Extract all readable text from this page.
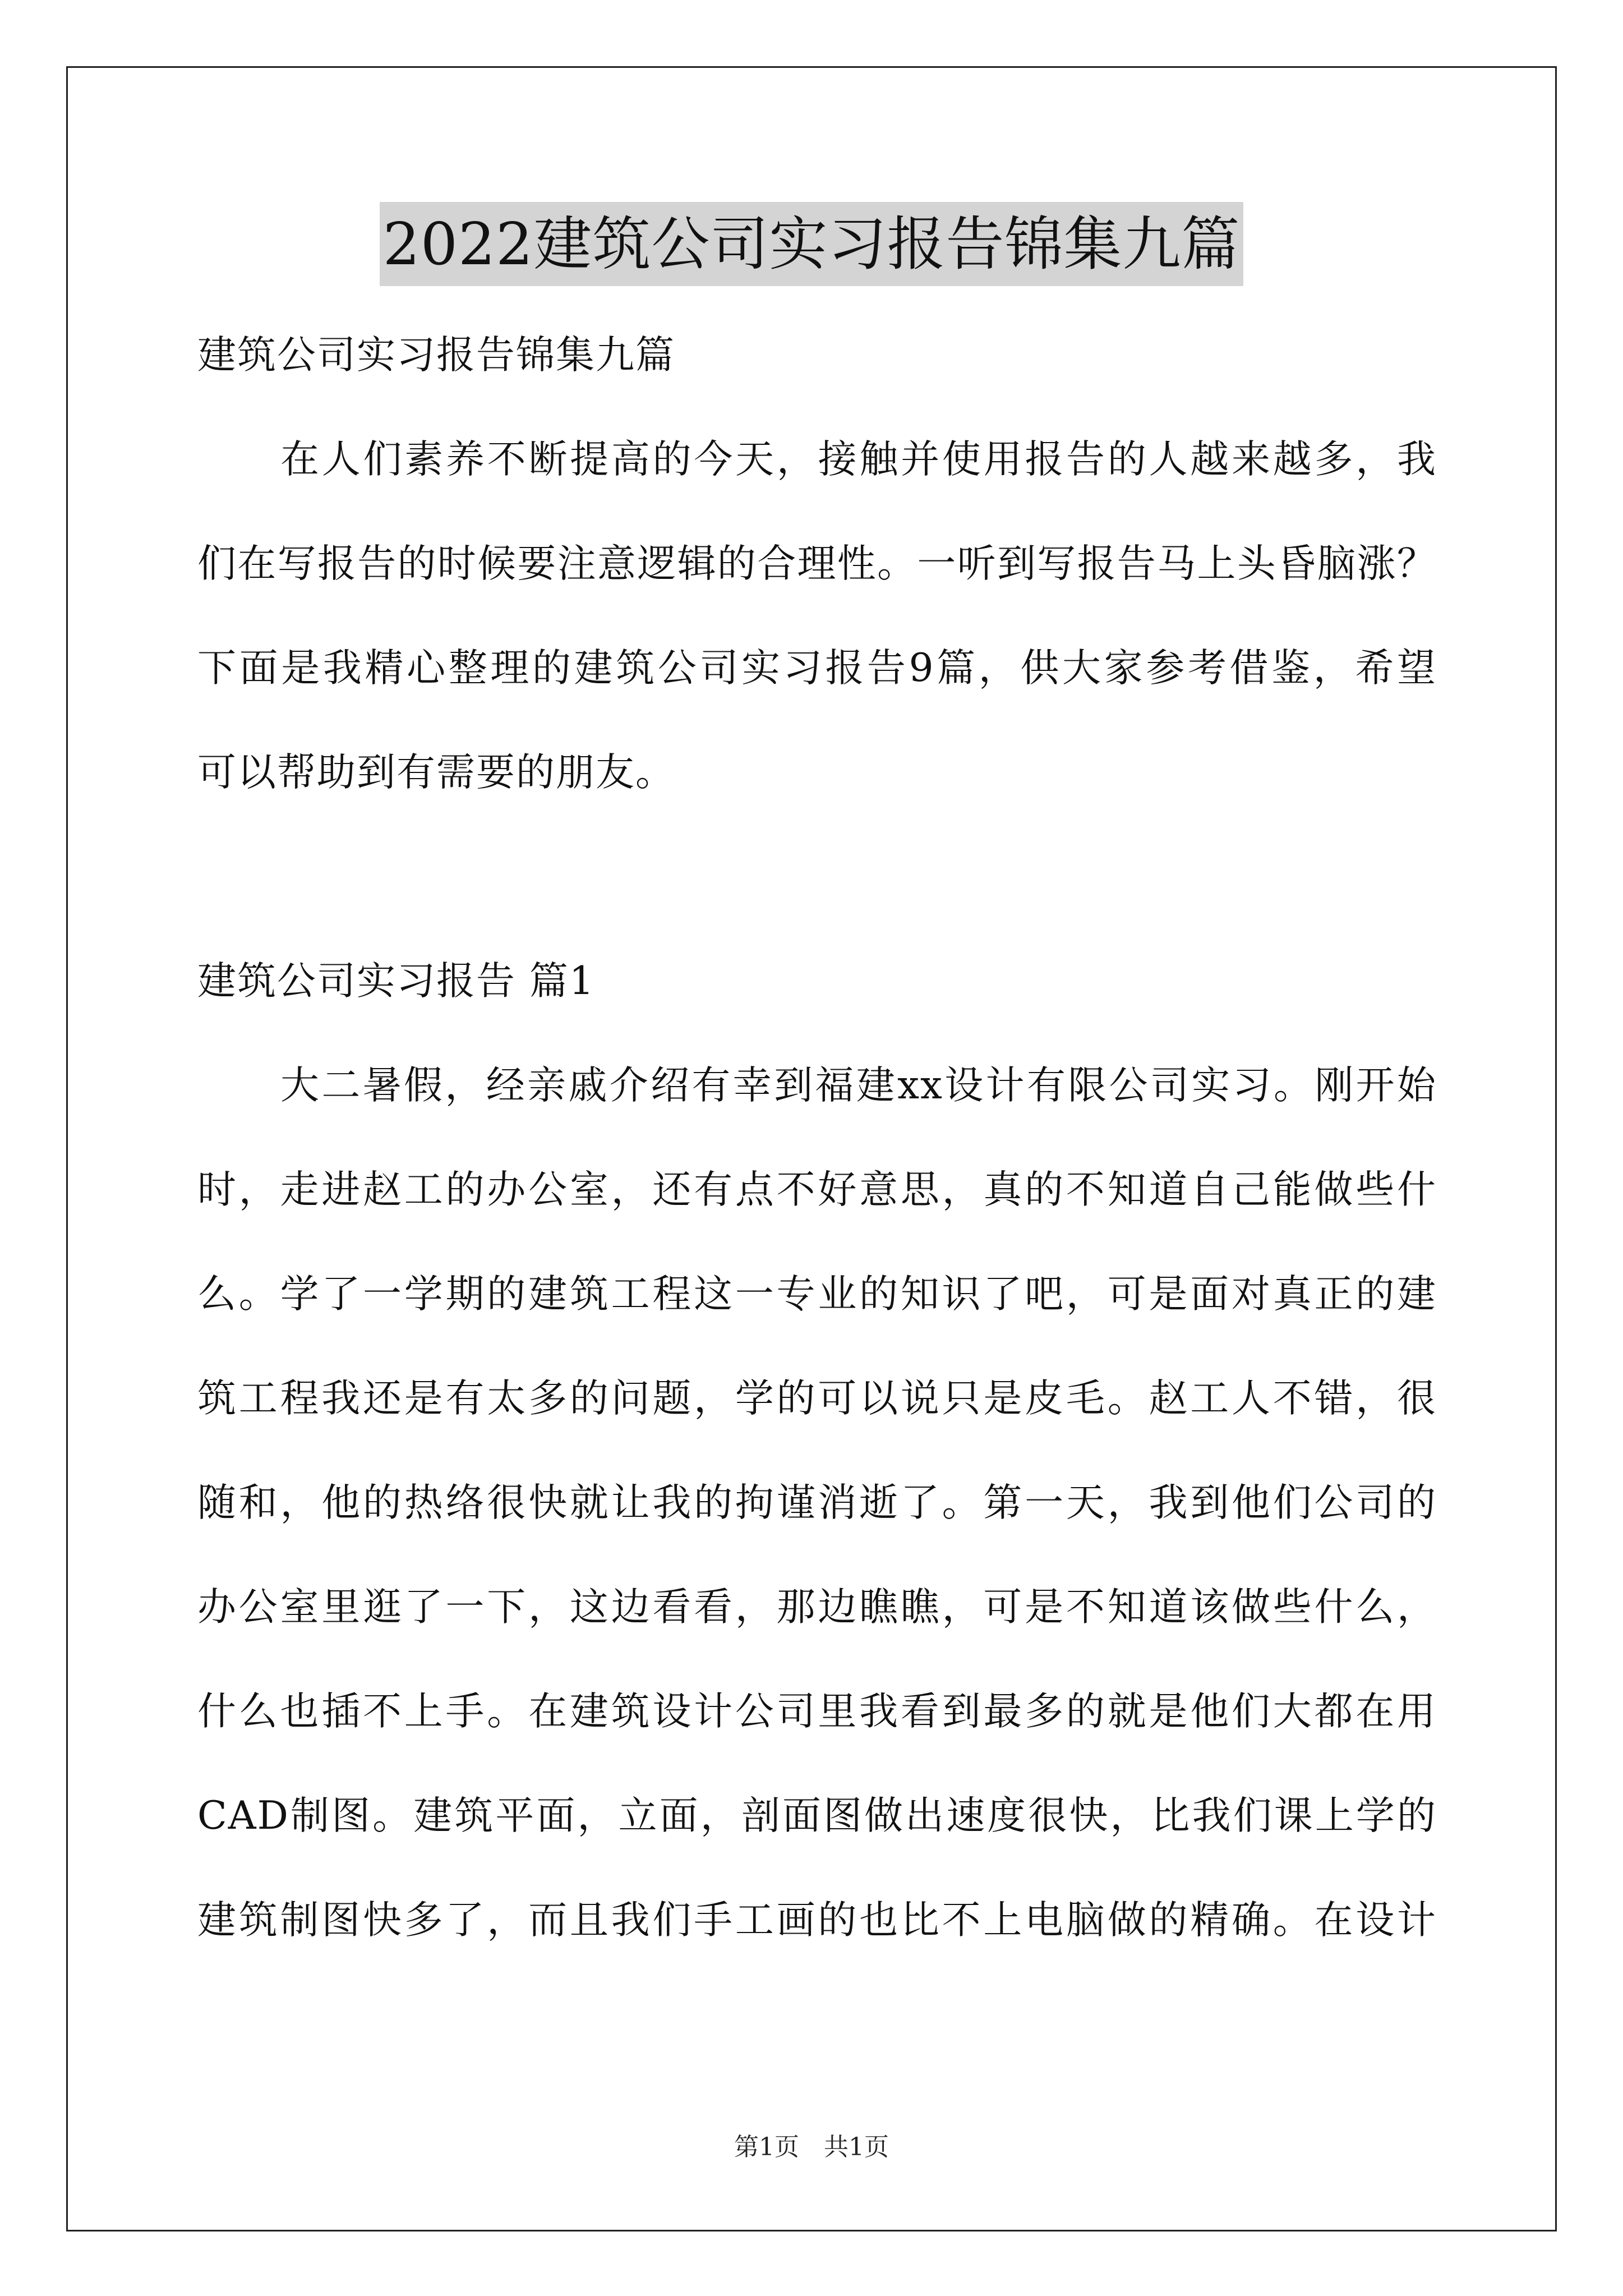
2022建筑公司实习报告锦集九篇
建筑公司实习报告锦集九篇
在人们素养不断提高的今天，接触并使用报告的人越来越多，我
们在写报告的时候要注意逻辑的合理性。一听到写报告马上头昏脑涨？
下面是我精心整理的建筑公司实习报告9篇，供大家参考借鉴，希望
可以帮助到有需要的朋友。
建筑公司实习报告 篇1
大二暑假，经亲戚介绍有幸到福建xx设计有限公司实习。刚开始
时，走进赵工的办公室，还有点不好意思，真的不知道自己能做些什
么。学了一学期的建筑工程这一专业的知识了吧，可是面对真正的建
筑工程我还是有太多的问题，学的可以说只是皮毛。赵工人不错，很
随和，他的热络很快就让我的拘谨消逝了。第一天，我到他们公司的
办公室里逛了一下，这边看看，那边瞧瞧，可是不知道该做些什么，
什么也插不上手。在建筑设计公司里我看到最多的就是他们大都在用
CAD制图。建筑平面，立面，剖面图做出速度很快，比我们课上学的
建筑制图快多了，而且我们手工画的也比不上电脑做的精确。在设计
第1页 共1页
